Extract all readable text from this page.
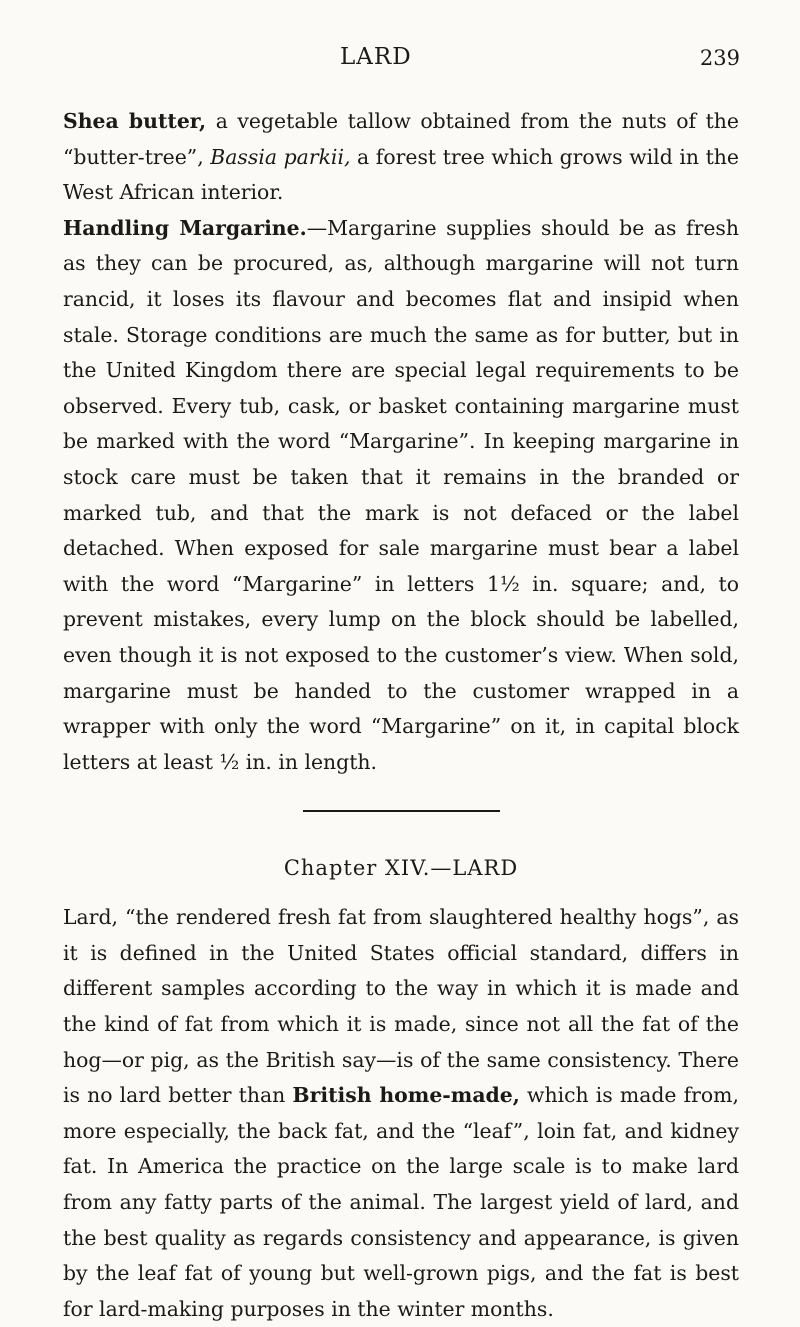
LARD	239

Shea butter, a vegetable tallow obtained from the nuts of the “butter-tree”, Bassia parkii, a forest tree which grows wild in the West African interior.

Handling Margarine.—Margarine supplies should be as fresh as they can be procured, as, although margarine will not turn rancid, it loses its flavour and becomes flat and insipid when stale. Storage conditions are much the same as for butter, but in the United Kingdom there are special legal requirements to be observed. Every tub, cask, or basket containing margarine must be marked with the word “Margarine”. In keeping margarine in stock care must be taken that it remains in the branded or marked tub, and that the mark is not defaced or the label detached. When exposed for sale margarine must bear a label with the word “Margarine” in letters 1½ in. square; and, to prevent mistakes, every lump on the block should be labelled, even though it is not exposed to the customer’s view. When sold, margarine must be handed to the customer wrapped in a wrapper with only the word “Margarine” on it, in capital block letters at least ½ in. in length.

Chapter XIV.—LARD

Lard, “the rendered fresh fat from slaughtered healthy hogs”, as it is defined in the United States official standard, differs in different samples according to the way in which it is made and the kind of fat from which it is made, since not all the fat of the hog—or pig, as the British say—is of the same consistency. There is no lard better than British home-made, which is made from, more especially, the back fat, and the “leaf”, loin fat, and kidney fat. In America the practice on the large scale is to make lard from any fatty parts of the animal. The largest yield of lard, and the best quality as regards consistency and appearance, is given by the leaf fat of young but well-grown pigs, and the fat is best for lard-making purposes in the winter months.
